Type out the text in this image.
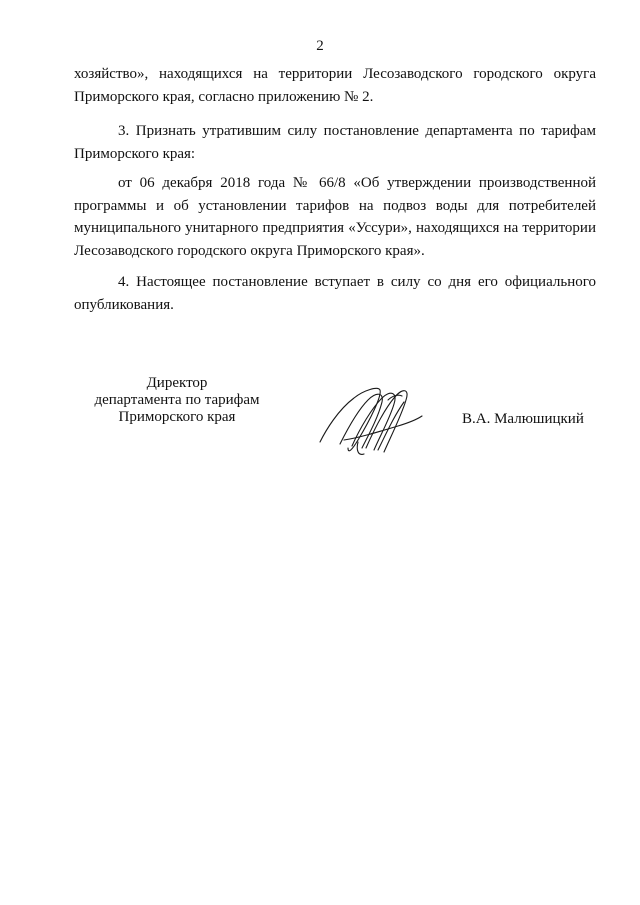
2

хозяйство», находящихся на территории Лесозаводского городского округа Приморского края, согласно приложению № 2.

3. Признать утратившим силу постановление департамента по тарифам Приморского края:

от 06 декабря 2018 года № 66/8 «Об утверждении производственной программы и об установлении тарифов на подвоз воды для потребителей муниципального унитарного предприятия «Уссури», находящихся на территории Лесозаводского городского округа Приморского края».

4. Настоящее постановление вступает в силу со дня его официального опубликования.

Директор
департамента по тарифам
Приморского края	В.А. Малюшицкий
